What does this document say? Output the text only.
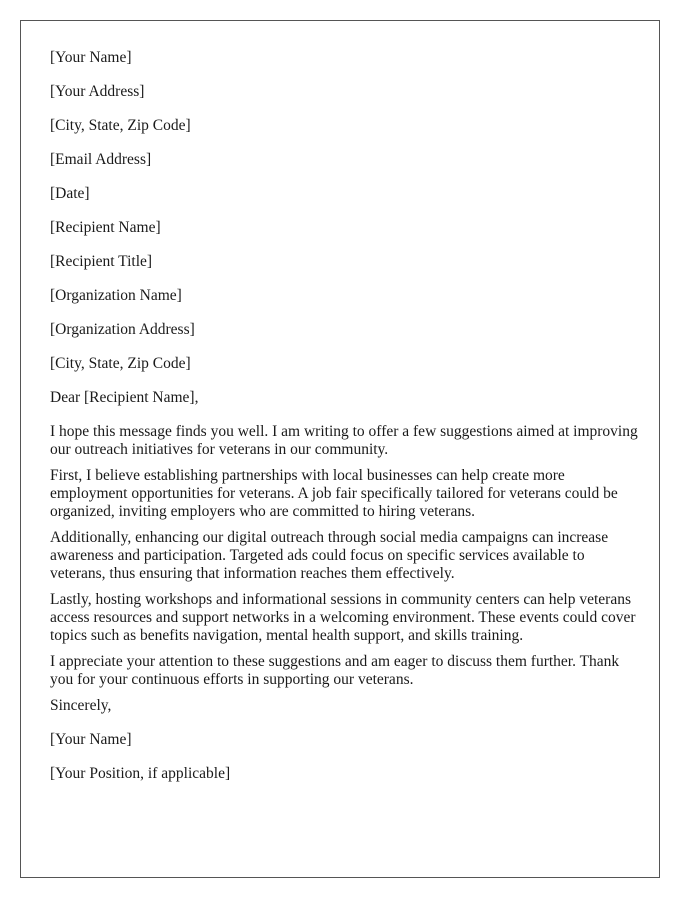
[Your Name]

[Your Address]

[City, State, Zip Code]

[Email Address]

[Date]

[Recipient Name]

[Recipient Title]

[Organization Name]

[Organization Address]

[City, State, Zip Code]

Dear [Recipient Name],

I hope this message finds you well. I am writing to offer a few suggestions aimed at improving our outreach initiatives for veterans in our community.

First, I believe establishing partnerships with local businesses can help create more employment opportunities for veterans. A job fair specifically tailored for veterans could be organized, inviting employers who are committed to hiring veterans.

Additionally, enhancing our digital outreach through social media campaigns can increase awareness and participation. Targeted ads could focus on specific services available to veterans, thus ensuring that information reaches them effectively.

Lastly, hosting workshops and informational sessions in community centers can help veterans access resources and support networks in a welcoming environment. These events could cover topics such as benefits navigation, mental health support, and skills training.

I appreciate your attention to these suggestions and am eager to discuss them further. Thank you for your continuous efforts in supporting our veterans.

Sincerely,

[Your Name]

[Your Position, if applicable]
